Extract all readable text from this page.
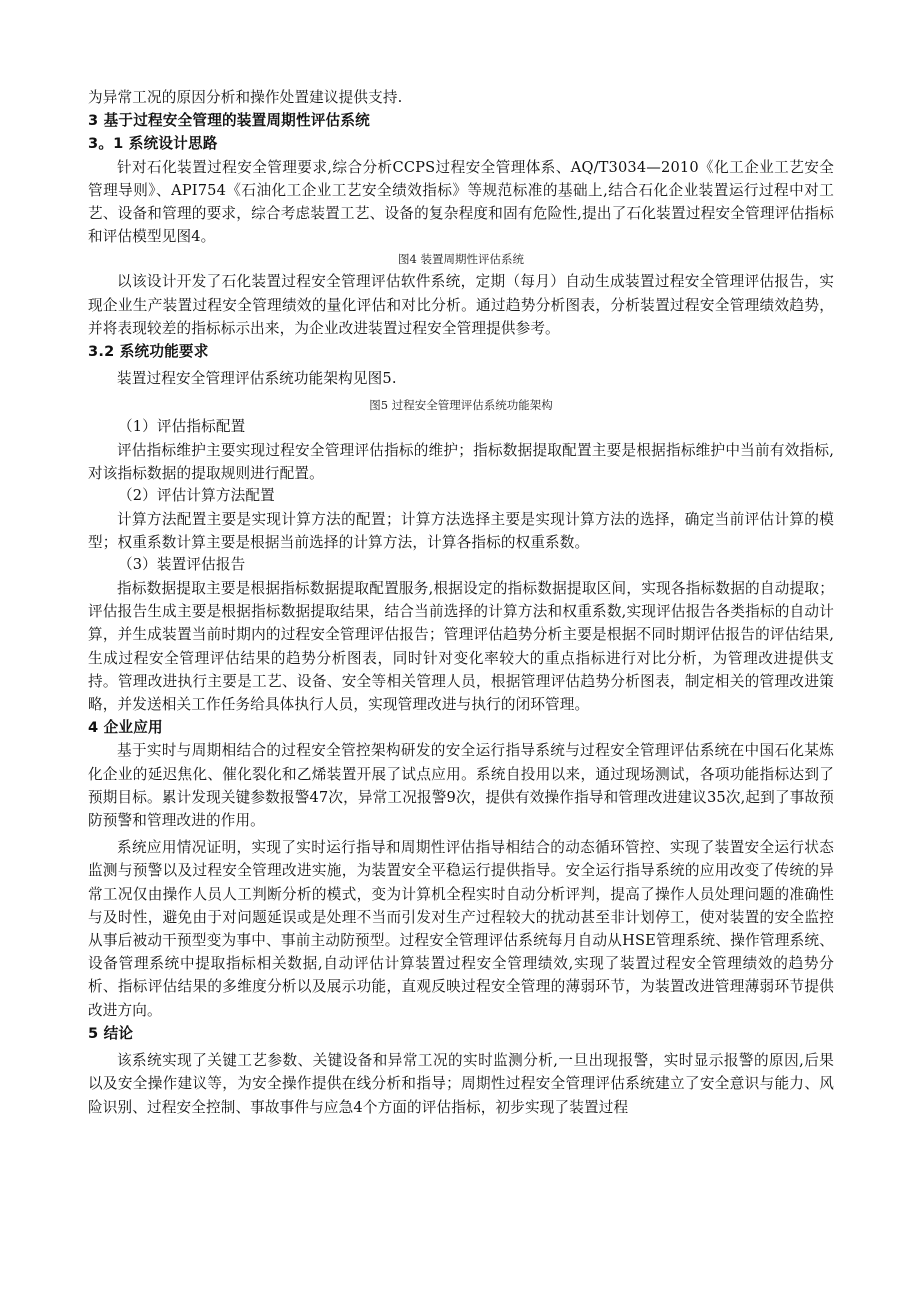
为异常工况的原因分析和操作处置建议提供支持.

3 基于过程安全管理的装置周期性评估系统

3。1 系统设计思路

针对石化装置过程安全管理要求,综合分析CCPS过程安全管理体系、AQ/T3034—2010《化工企业工艺安全管理导则》、API754《石油化工企业工艺安全绩效指标》等规范标准的基础上,结合石化企业装置运行过程中对工艺、设备和管理的要求，综合考虑装置工艺、设备的复杂程度和固有危险性,提出了石化装置过程安全管理评估指标和评估模型见图4。

图4 装置周期性评估系统

以该设计开发了石化装置过程安全管理评估软件系统，定期（每月）自动生成装置过程安全管理评估报告，实现企业生产装置过程安全管理绩效的量化评估和对比分析。通过趋势分析图表，分析装置过程安全管理绩效趋势，并将表现较差的指标标示出来，为企业改进装置过程安全管理提供参考。

3.2 系统功能要求

装置过程安全管理评估系统功能架构见图5.

图5 过程安全管理评估系统功能架构

（1）评估指标配置

评估指标维护主要实现过程安全管理评估指标的维护；指标数据提取配置主要是根据指标维护中当前有效指标,对该指标数据的提取规则进行配置。

（2）评估计算方法配置

计算方法配置主要是实现计算方法的配置；计算方法选择主要是实现计算方法的选择，确定当前评估计算的模型；权重系数计算主要是根据当前选择的计算方法，计算各指标的权重系数。

（3）装置评估报告

指标数据提取主要是根据指标数据提取配置服务,根据设定的指标数据提取区间，实现各指标数据的自动提取；评估报告生成主要是根据指标数据提取结果，结合当前选择的计算方法和权重系数,实现评估报告各类指标的自动计算，并生成装置当前时期内的过程安全管理评估报告；管理评估趋势分析主要是根据不同时期评估报告的评估结果,生成过程安全管理评估结果的趋势分析图表，同时针对变化率较大的重点指标进行对比分析，为管理改进提供支持。管理改进执行主要是工艺、设备、安全等相关管理人员，根据管理评估趋势分析图表，制定相关的管理改进策略，并发送相关工作任务给具体执行人员，实现管理改进与执行的闭环管理。

4 企业应用

基于实时与周期相结合的过程安全管控架构研发的安全运行指导系统与过程安全管理评估系统在中国石化某炼化企业的延迟焦化、催化裂化和乙烯装置开展了试点应用。系统自投用以来，通过现场测试，各项功能指标达到了预期目标。累计发现关键参数报警47次，异常工况报警9次，提供有效操作指导和管理改进建议35次,起到了事故预防预警和管理改进的作用。

系统应用情况证明，实现了实时运行指导和周期性评估指导相结合的动态循环管控、实现了装置安全运行状态监测与预警以及过程安全管理改进实施，为装置安全平稳运行提供指导。安全运行指导系统的应用改变了传统的异常工况仅由操作人员人工判断分析的模式，变为计算机全程实时自动分析评判，提高了操作人员处理问题的准确性与及时性，避免由于对问题延误或是处理不当而引发对生产过程较大的扰动甚至非计划停工，使对装置的安全监控从事后被动干预型变为事中、事前主动防预型。过程安全管理评估系统每月自动从HSE管理系统、操作管理系统、设备管理系统中提取指标相关数据,自动评估计算装置过程安全管理绩效,实现了装置过程安全管理绩效的趋势分析、指标评估结果的多维度分析以及展示功能，直观反映过程安全管理的薄弱环节，为装置改进管理薄弱环节提供改进方向。

5 结论

该系统实现了关键工艺参数、关键设备和异常工况的实时监测分析,一旦出现报警，实时显示报警的原因,后果以及安全操作建议等，为安全操作提供在线分析和指导；周期性过程安全管理评估系统建立了安全意识与能力、风险识别、过程安全控制、事故事件与应急4个方面的评估指标，初步实现了装置过程
